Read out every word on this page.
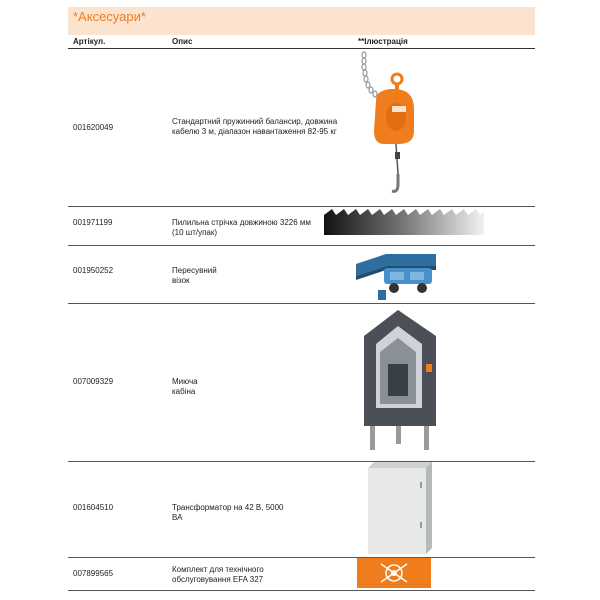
*Аксесуари*
Артікул.	Опис	**Ілюстрація
001620049
Стандартний пружинний балансир, довжина
кабелю 3 м, діапазон навантаження 82-95 кг
001971199	Пилильна стрічка довжиною 3226 мм
(10 шт/упак)
001950252	Пересувний
візок
007009329	Миюча
кабіна
001604510	Трансформатор на 42 В, 5000
ВА
007899565	Комплект для технічного
обслуговування EFA 327
